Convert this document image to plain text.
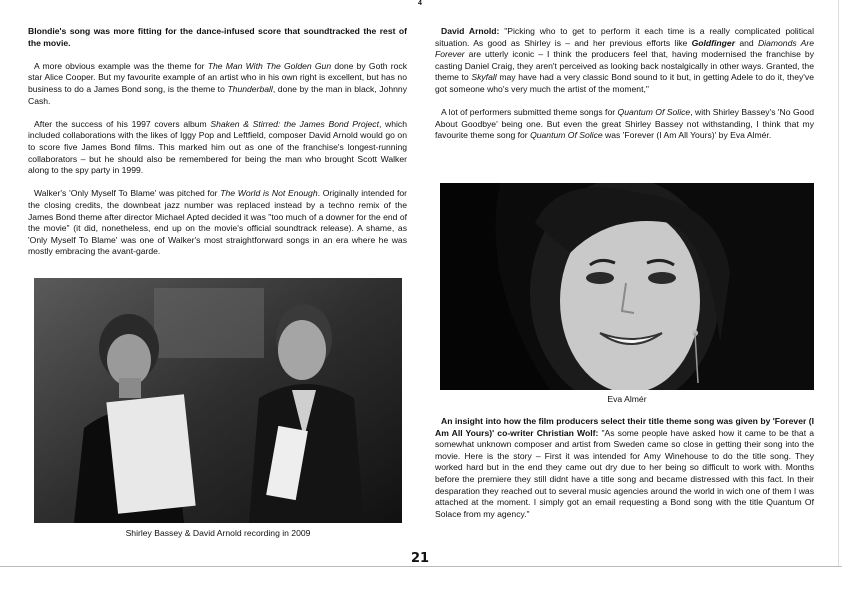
4

Blondie's song was more fitting for the dance-infused score that soundtracked the rest of the movie.

A more obvious example was the theme for The Man With The Golden Gun done by Goth rock star Alice Cooper. But my favourite example of an artist who in his own right is excellent, but has no business to do a James Bond song, is the theme to Thunderball, done by the man in black, Johnny Cash.

After the success of his 1997 covers album Shaken & Stirred: the James Bond Project, which included collaborations with the likes of Iggy Pop and Leftfield, composer David Arnold would go on to score five James Bond films. This marked him out as one of the franchise's longest-running collaborators – but he should also be remembered for being the man who brought Scott Walker along to the spy party in 1999.

Walker's 'Only Myself To Blame' was pitched for The World is Not Enough. Originally intended for the closing credits, the downbeat jazz number was replaced instead by a techno remix of the James Bond theme after director Michael Apted decided it was "too much of a downer for the end of the movie" (it did, nonetheless, end up on the movie's official soundtrack release). A shame, as 'Only Myself To Blame' was one of Walker's most straightforward songs in an era where he was mostly embracing the avant-garde.

Shirley Bassey & David Arnold recording in 2009

David Arnold: "Picking who to get to perform it each time is a really complicated political situation. As good as Shirley is – and her previous efforts like Goldfinger and Diamonds Are Forever are utterly iconic – I think the producers feel that, having modernised the franchise by casting Daniel Craig, they aren't perceived as looking back nostalgically in other ways. Granted, the theme to Skyfall may have had a very classic Bond sound to it but, in getting Adele to do it, they've got someone who's very much the artist of the moment,"

A lot of performers submitted theme songs for Quantum Of Solice, with Shirley Bassey's 'No Good About Goodbye' being one. But even the great Shirley Bassey not withstanding, I think that my favourite theme song for Quantum Of Solice was 'Forever (I Am All Yours)' by Eva Almér.

Eva Almér

An insight into how the film producers select their title theme song was given by 'Forever (I Am All Yours)' co-writer Christian Wolf: "As some people have asked how it came to be that a somewhat unknown composer and artist from Sweden came so close in getting their song into the movie. Here is the story – First it was intended for Amy Winehouse to do the title song. They worked hard but in the end they came out dry due to her being so difficult to work with. Months before the premiere they still didnt have a title song and became distressed with this fact. In their desparation they reached out to several music agencies around the world in wich one of them I was attached at the moment. I simply got an email requesting a Bond song with the title Quantum Of Solace from my agency."

21
